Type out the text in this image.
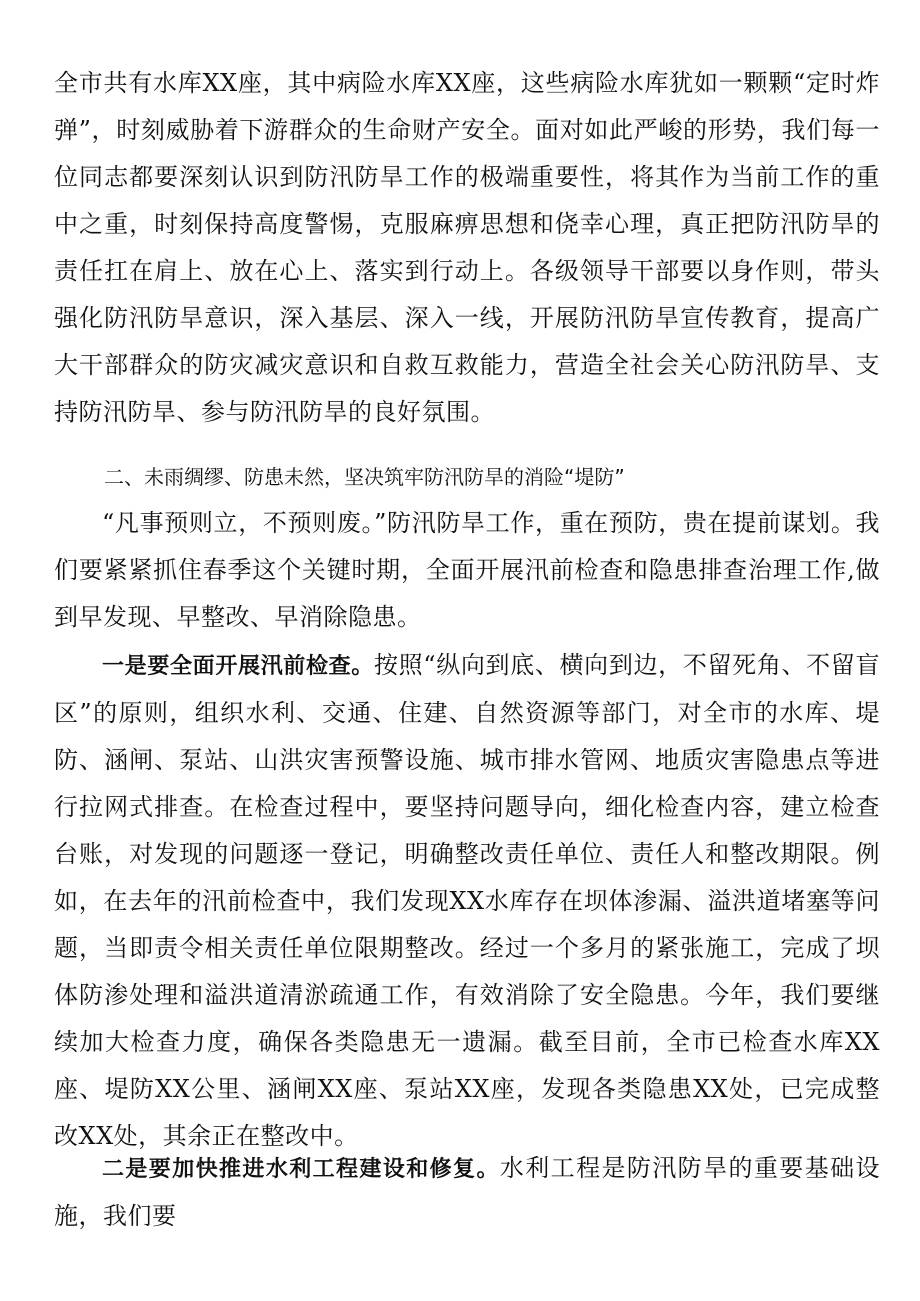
全市共有水库XX座，其中病险水库XX座，这些病险水库犹如一颗颗“定时炸弹”，时刻威胁着下游群众的生命财产安全。面对如此严峻的形势，我们每一位同志都要深刻认识到防汛防旱工作的极端重要性，将其作为当前工作的重中之重，时刻保持高度警惕，克服麻痹思想和侥幸心理，真正把防汛防旱的责任扛在肩上、放在心上、落实到行动上。各级领导干部要以身作则，带头强化防汛防旱意识，深入基层、深入一线，开展防汛防旱宣传教育，提高广大干部群众的防灾减灾意识和自救互救能力，营造全社会关心防汛防旱、支持防汛防旱、参与防汛防旱的良好氛围。

二、未雨绸缪、防患未然，坚决筑牢防汛防旱的消险“堤防”

“凡事预则立，不预则废。”防汛防旱工作，重在预防，贵在提前谋划。我们要紧紧抓住春季这个关键时期，全面开展汛前检查和隐患排查治理工作,做到早发现、早整改、早消除隐患。

一是要全面开展汛前检查。按照“纵向到底、横向到边，不留死角、不留盲区”的原则，组织水利、交通、住建、自然资源等部门，对全市的水库、堤防、涵闸、泵站、山洪灾害预警设施、城市排水管网、地质灾害隐患点等进行拉网式排查。在检查过程中，要坚持问题导向，细化检查内容，建立检查台账，对发现的问题逐一登记，明确整改责任单位、责任人和整改期限。例如，在去年的汛前检查中，我们发现XX水库存在坝体渗漏、溢洪道堵塞等问题，当即责令相关责任单位限期整改。经过一个多月的紧张施工，完成了坝体防渗处理和溢洪道清淤疏通工作，有效消除了安全隐患。今年，我们要继续加大检查力度，确保各类隐患无一遗漏。截至目前，全市已检查水库XX座、堤防XX公里、涵闸XX座、泵站XX座，发现各类隐患XX处，已完成整改XX处，其余正在整改中。

二是要加快推进水利工程建设和修复。水利工程是防汛防旱的重要基础设施，我们要
